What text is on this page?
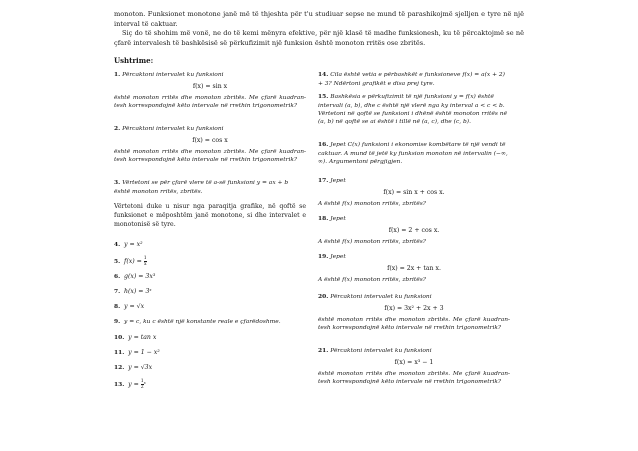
monoton. Funksionet monotone janë më të thjeshta për t'u studiuar sepse ne mund të parashikojmë sjelljen e tyre në një interval të caktuar.

Siç do të shohim më vonë, ne do të kemi mënyra efektive, për një klasë të madhe funksionesh, ku të përcaktojmë se në çfarë intervalesh të bashkësisë së përkufizimit një funksion është monoton rritës ose zbritës.

Ushtrime:

1. Përcaktoni intervalet ku funksioni

f(x) = sin x

është monoton rritës dhe monoton zbritës. Me çfarë kuadran-tesh korrespondojnë këto intervale në rrethin trigonometrik?

2. Përcaktoni intervalet ku funksioni

f(x) = cos x

është monoton rritës dhe monoton zbritës. Me çfarë kuadran-tesh korrespondojnë këto intervale në rrethin trigonometrik?

3. Vërtetoni se për çfarë vlere të a-së funksioni y = ax + b është monoton rritës, zbritës.

Vërtetoni duke u nisur nga paraqitja grafike, në qoftë se funksionet e mëposhtëm janë monotone, si dhe intervalet e monotonisë së tyre.

4. y = x²

5. $f(x) = \frac{1}{x}$

6. g(x) = 3x³

7. h(x) = 3ˣ

8. y = √x

9. y = c, ku c është një konstante reale e çfarëdoshme.

10. y = tan x

11. y = 1 − x²

12. y = √3x

13. $y = \frac{1}{2}$ ˣ

14. Cila është vetia e përbashkët e funksioneve f(x) = a(x + 2) + 3? Ndërtoni grafikët e disa prej tyre.

15. Bashkësia e përkufizimit të një funksioni y = f(x) është intervali (a, b), dhe c është një vlerë nga ky interval a < c < b. Vërtetoni në qoftë se funksioni i dhënë është monoton rritës në (a, b) në qoftë se ai është i tillë në (a, c), dhe (c, b).

16. Jepet C(x) funksioni i ekonomise kombëtare të një vendi të caktuar. A mund të jetë ky funksion monoton në intervalin (−∞, ∞). Argumentoni përgjigjen.

17. Jepet

f(x) = sin x + cos x.

A është f(x) monoton rritës, zbritës?

18. Jepet

f(x) = 2 + cos x.

A është f(x) monoton rritës, zbritës?

19. Jepet

f(x) = 2x + tan x.

A është f(x) monoton rritës, zbritës?

20. Përcaktoni intervalet ku funksioni

f(x) = 3x² + 2x + 3

është monoton rritës dhe monoton zbritës. Me çfarë kuadran-tesh korrespondojnë këto intervale në rrethin trigonometrik?

21. Përcaktoni intervalet ku funksioni

f(x) = x³ − 1

është monoton rritës dhe monoton zbritës. Me çfarë kuadran-tesh korrespondojnë këto intervale në rrethin trigonometrik?
